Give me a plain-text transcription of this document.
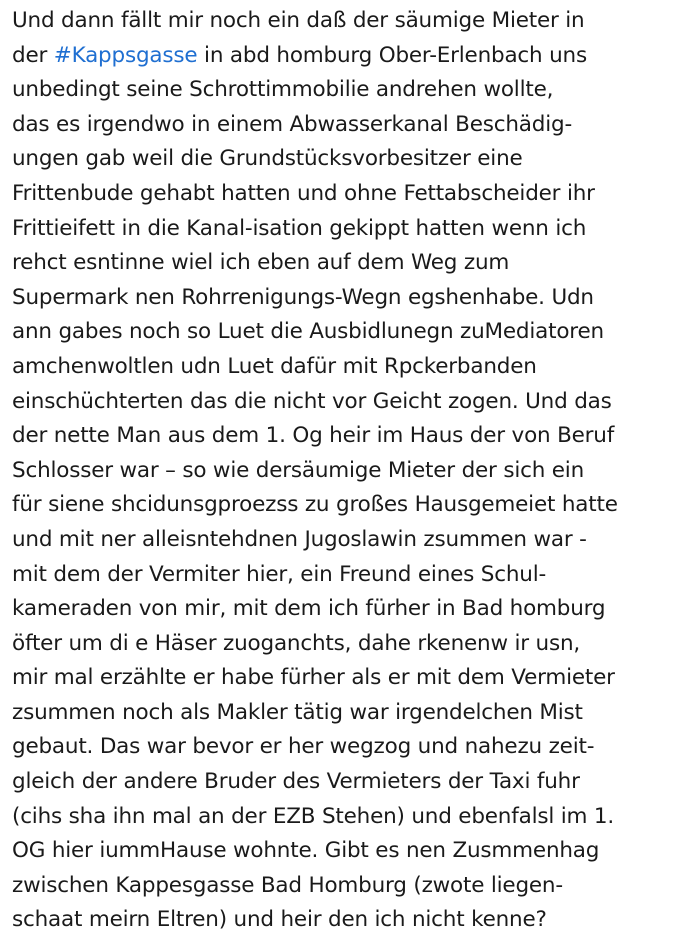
Und dann fällt mir noch ein daß der säumige Mieter in
der #Kappsgasse in abd homburg Ober-Erlenbach uns
unbedingt seine Schrottimmobilie andrehen wollte,
das es irgendwo in einem Abwasserkanal Beschädig-
ungen gab weil die Grundstücksvorbesitzer eine
Frittenbude gehabt hatten und ohne Fettabscheider ihr
Frittieifett in die Kanal-isation gekippt hatten wenn ich
rehct esntinne wiel ich eben auf dem Weg zum
Supermark nen Rohrrenigungs-Wegn egshenhabe. Udn
ann gabes noch so Luet die Ausbidlunegn zuMediatoren
amchenwoltlen udn Luet dafür mit Rpckerbanden
einschüchterten das die nicht vor Geicht zogen. Und das
der nette Man aus dem 1. Og heir im Haus der von Beruf
Schlosser war – so wie dersäumige Mieter der sich ein
für siene shcidunsgproezss zu großes Hausgemeiet hatte
und mit ner alleisntehdnen Jugoslawin zsummen war -
mit dem der Vermiter hier, ein Freund eines Schul-
kameraden von mir, mit dem ich fürher in Bad homburg
öfter um di e Häser zuoganchts, dahe rkenenw ir usn,
mir mal erzählte er habe fürher als er mit dem Vermieter
zsummen noch als Makler tätig war irgendelchen Mist
gebaut. Das war bevor er her wegzog und nahezu zeit-
gleich der andere Bruder des Vermieters der Taxi fuhr
(cihs sha ihn mal an der EZB Stehen) und ebenfalsl im 1.
OG hier iummHause wohnte. Gibt es nen Zusmmenhag
zwischen Kappesgasse Bad Homburg (zwote liegen-
schaat meirn Eltren) und heir den ich nicht kenne?
